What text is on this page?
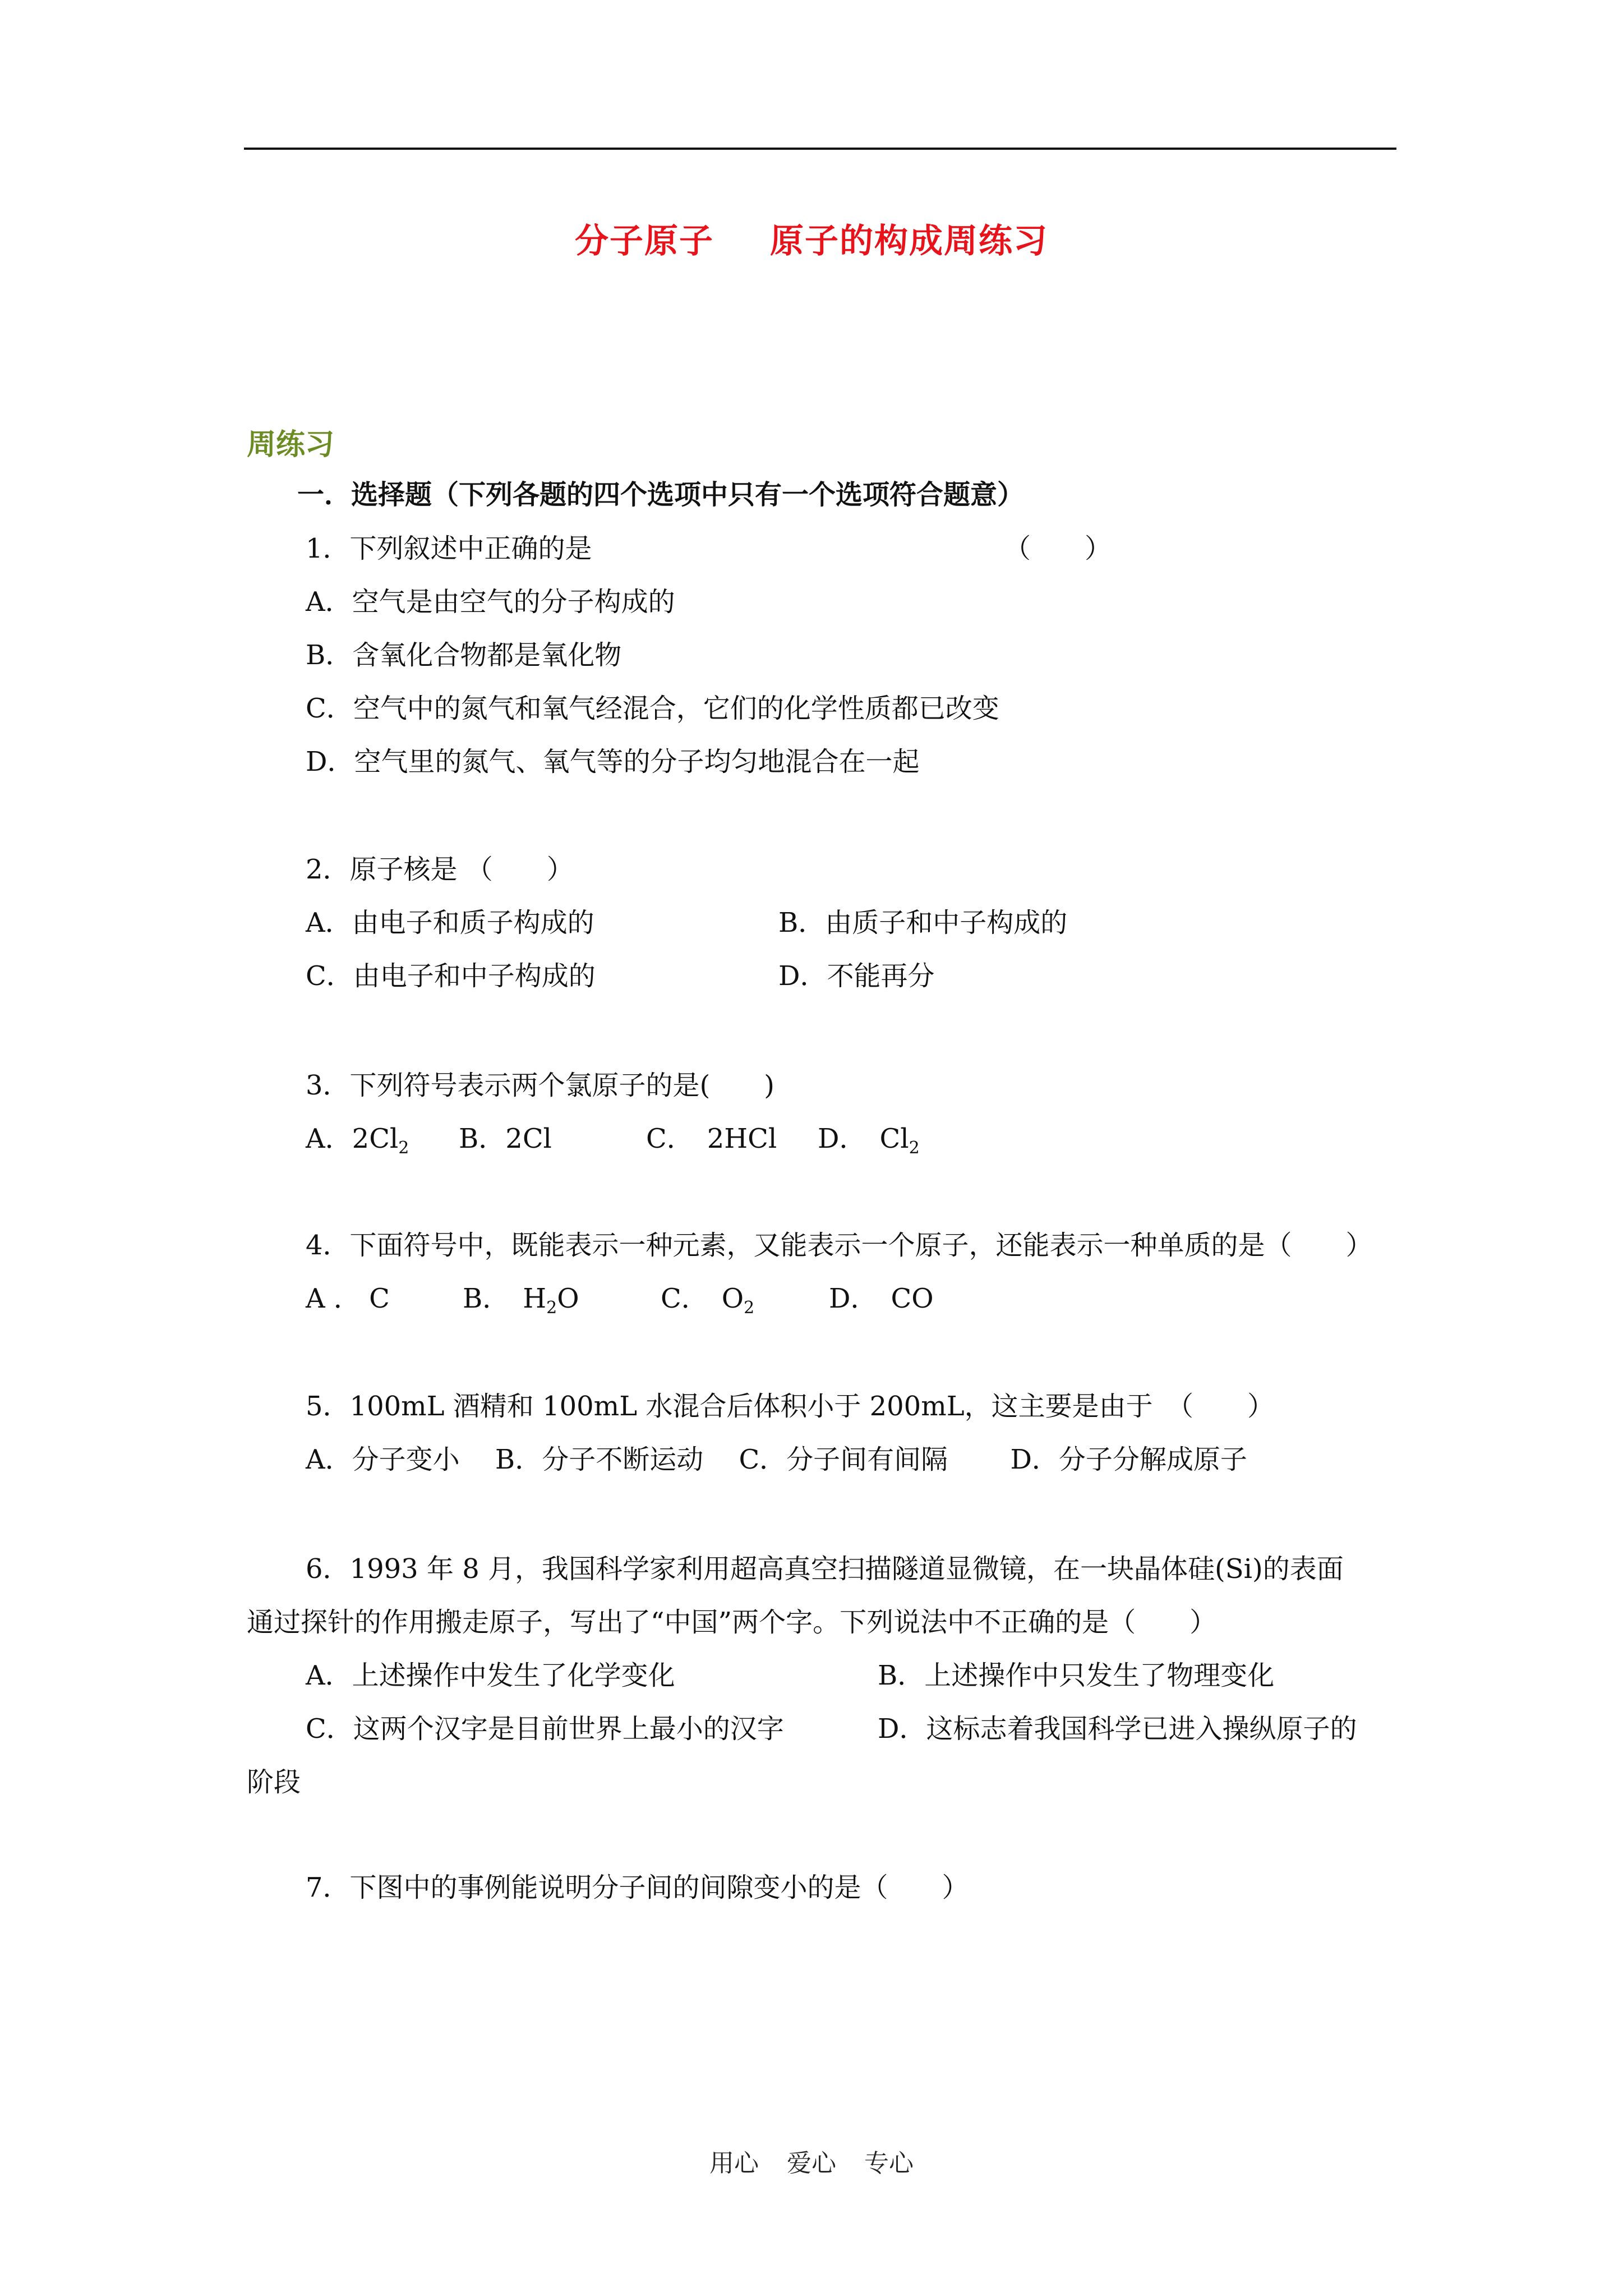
分子原子 原子的构成周练习
周练习
一．选择题（下列各题的四个选项中只有一个选项符合题意）
1．下列叙述中正确的是	（　　）
A．空气是由空气的分子构成的
B．含氧化合物都是氧化物
C．空气中的氮气和氧气经混合，它们的化学性质都已改变
D．空气里的氮气、氧气等的分子均匀地混合在一起
2．原子核是 （　　）
A．由电子和质子构成的	B．由质子和中子构成的
C．由电子和中子构成的	D．不能再分
3．下列符号表示两个氯原子的是(　　)
A．$2Cl_2$ B．2Cl	C．　2HCl D．　$Cl_2$
4．下面符号中，既能表示一种元素，又能表示一个原子，还能表示一种单质的是（　　）
A ． C	B．　$H_2O$	C．　$O_2$	D．　CO
5．100mL 酒精和 100mL 水混合后体积小于 200mL，这主要是由于 （　　）
A．分子变小　 B．分子不断运动　 C．分子间有间隔　　 D．分子分解成原子
6．1993 年 8 月，我国科学家利用超高真空扫描隧道显微镜，在一块晶体硅(Si)的表面
通过探针的作用搬走原子，写出了“中国”两个字。下列说法中不正确的是（　　）
A．上述操作中发生了化学变化	B．上述操作中只发生了物理变化
C．这两个汉字是目前世界上最小的汉字	D．这标志着我国科学已进入操纵原子的
阶段
7．下图中的事例能说明分子间的间隙变小的是（　　）
用心 爱心 专心
